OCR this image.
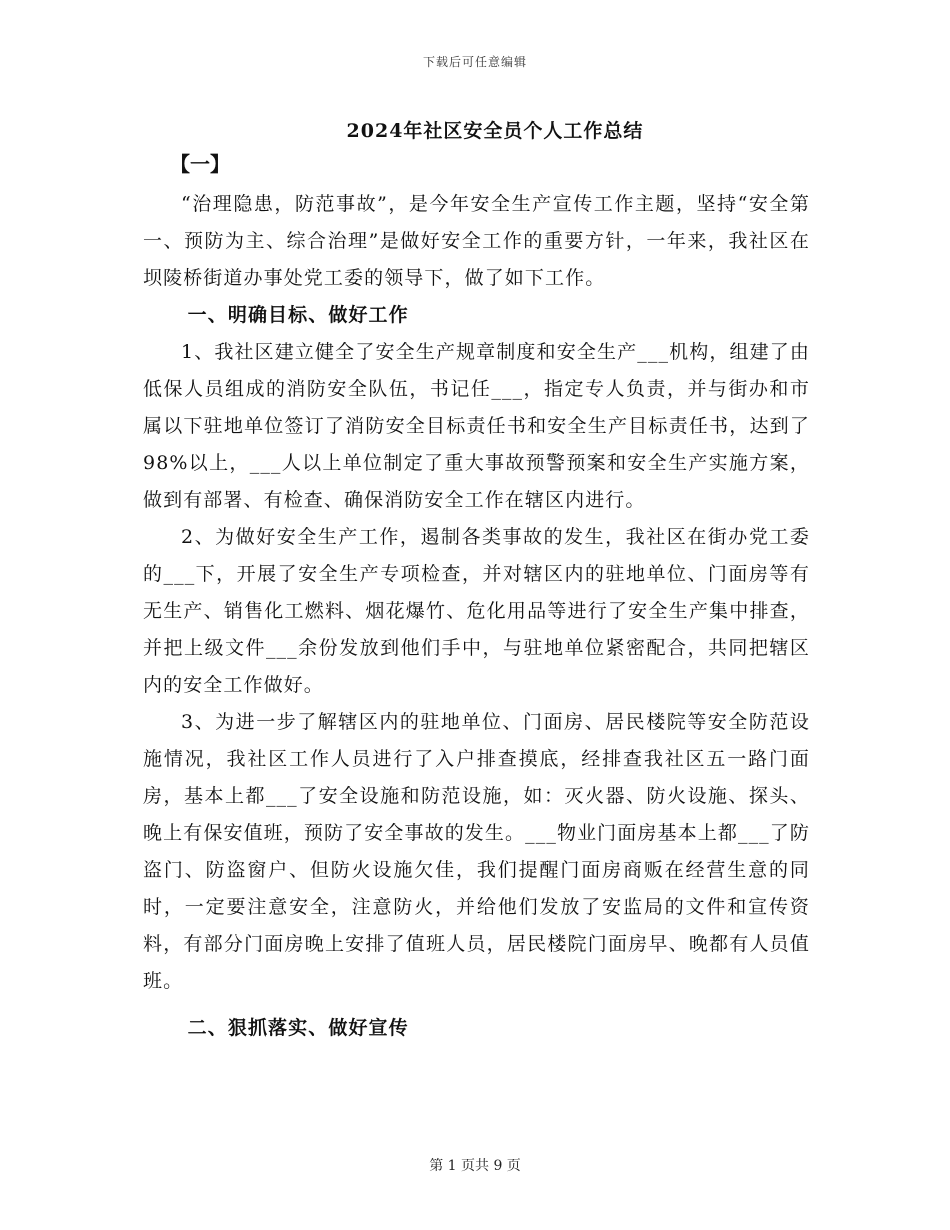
下载后可任意编辑
2024年社区安全员个人工作总结
【一】

“治理隐患，防范事故”，是今年安全生产宣传工作主题，坚持“安全第一、预防为主、综合治理”是做好安全工作的重要方针，一年来，我社区在坝陵桥街道办事处党工委的领导下，做了如下工作。

一、明确目标、做好工作

1、我社区建立健全了安全生产规章制度和安全生产___机构，组建了由低保人员组成的消防安全队伍，书记任___，指定专人负责，并与街办和市属以下驻地单位签订了消防安全目标责任书和安全生产目标责任书，达到了98%以上，___人以上单位制定了重大事故预警预案和安全生产实施方案，做到有部署、有检查、确保消防安全工作在辖区内进行。

2、为做好安全生产工作，遏制各类事故的发生，我社区在街办党工委的___下，开展了安全生产专项检查，并对辖区内的驻地单位、门面房等有无生产、销售化工燃料、烟花爆竹、危化用品等进行了安全生产集中排查，并把上级文件___余份发放到他们手中，与驻地单位紧密配合，共同把辖区内的安全工作做好。

3、为进一步了解辖区内的驻地单位、门面房、居民楼院等安全防范设施情况，我社区工作人员进行了入户排查摸底，经排查我社区五一路门面房，基本上都___了安全设施和防范设施，如：灭火器、防火设施、探头、晚上有保安值班，预防了安全事故的发生。___物业门面房基本上都___了防盗门、防盗窗户、但防火设施欠佳，我们提醒门面房商贩在经营生意的同时，一定要注意安全，注意防火，并给他们发放了安监局的文件和宣传资料，有部分门面房晚上安排了值班人员，居民楼院门面房早、晚都有人员值班。

二、狠抓落实、做好宣传
第 1 页共 9 页
